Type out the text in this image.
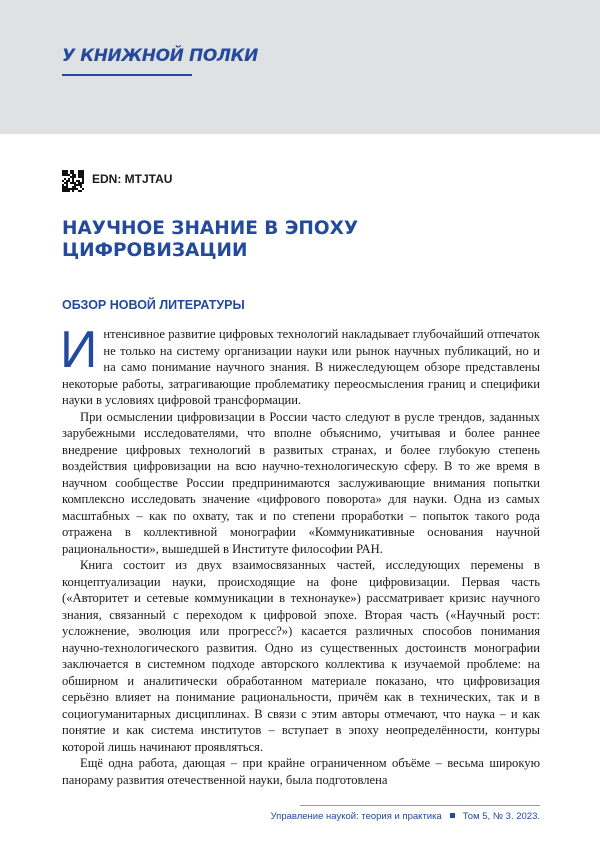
У КНИЖНОЙ ПОЛКИ
EDN: MTJTAU
НАУЧНОЕ ЗНАНИЕ В ЭПОХУ
ЦИФРОВИЗАЦИИ
ОБЗОР НОВОЙ ЛИТЕРАТУРЫ

Интенсивное развитие цифровых технологий накладывает глубочайший отпечаток не только на систему организации науки или рынок научных публикаций, но и на само понимание научного знания. В нижеследующем обзоре представлены некоторые работы, затрагивающие проблематику переосмысления границ и специфики науки в условиях цифровой трансформации.

При осмыслении цифровизации в России часто следуют в русле трендов, заданных зарубежными исследователями, что вполне объяснимо, учитывая и более раннее внедрение цифровых технологий в развитых странах, и более глубокую степень воздействия цифровизации на всю научно-технологическую сферу. В то же время в научном сообществе России предпринимаются заслуживающие внимания попытки комплексно исследовать значение «цифрового поворота» для науки. Одна из самых масштабных – как по охвату, так и по степени проработки – попыток такого рода отражена в коллективной монографии «Коммуникативные основания научной рациональности», вышедшей в Институте философии РАН.

Книга состоит из двух взаимосвязанных частей, исследующих перемены в концептуализации науки, происходящие на фоне цифровизации. Первая часть («Авторитет и сетевые коммуникации в технонауке») рассматривает кризис научного знания, связанный с переходом к цифровой эпохе. Вторая часть («Научный рост: усложнение, эволюция или прогресс?») касается различных способов понимания научно-технологического развития. Одно из существенных достоинств монографии заключается в системном подходе авторского коллектива к изучаемой проблеме: на обширном и аналитически обработанном материале показано, что цифровизация серьёзно влияет на понимание рациональности, причём как в технических, так и в социогуманитарных дисциплинах. В связи с этим авторы отмечают, что наука – и как понятие и как система институтов – вступает в эпоху неопределённости, контуры которой лишь начинают проявляться.

Ещё одна работа, дающая – при крайне ограниченном объёме – весьма широкую панораму развития отечественной науки, была подготовлена

Управление наукой: теория и практика Том 5, № 3. 2023.
